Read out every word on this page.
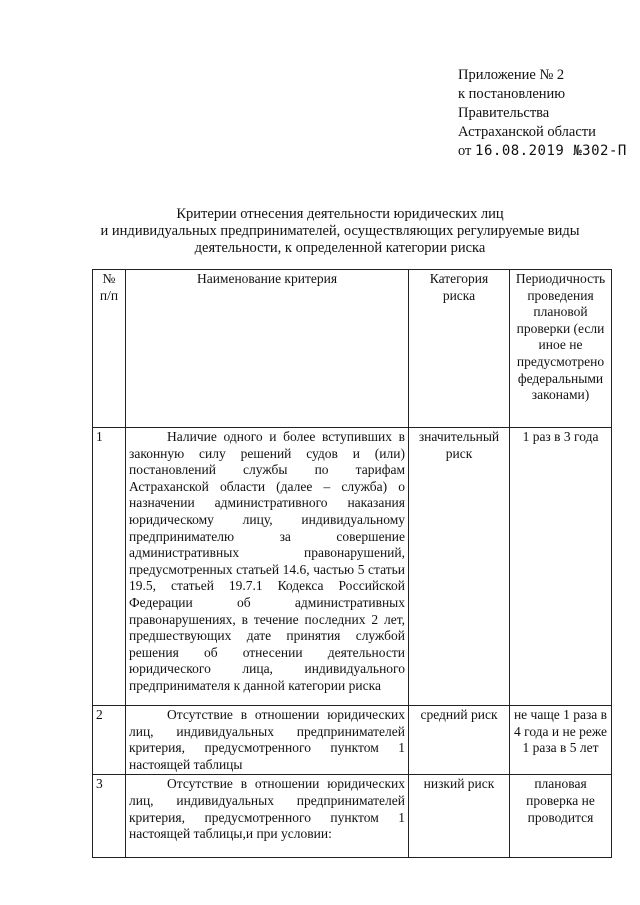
Приложение № 2
к постановлению
Правительства
Астраханской области
от 16.08.2019 №302-П
Критерии отнесения деятельности юридических лиц
и индивидуальных предпринимателей, осуществляющих регулируемые виды
деятельности, к определенной категории риска
№ п/п	Наименование критерия	Категория риска	Периодичность проведения плановой проверки (если иное не предусмотрено федеральными законами)
1	Наличие одного и более вступивших в законную силу решений судов и (или) постановлений службы по тарифам Астраханской области (далее – служба) о назначении административного наказания юридическому лицу, индивидуальному предпринимателю за совершение административных правонарушений, предусмотренных статьей 14.6, частью 5 статьи 19.5, статьей 19.7.1 Кодекса Российской Федерации об административных правонарушениях, в течение последних 2 лет, предшествующих дате принятия службой решения об отнесении деятельности юридического лица, индивидуального предпринимателя к данной категории риска	значительный риск	1 раз в 3 года
2	Отсутствие в отношении юридических лиц, индивидуальных предпринимателей критерия, предусмотренного пунктом 1 настоящей таблицы	средний риск	не чаще 1 раза в 4 года и не реже 1 раза в 5 лет
3	Отсутствие в отношении юридических лиц, индивидуальных предпринимателей критерия, предусмотренного пунктом 1 настоящей таблицы,и при условии:	низкий риск	плановая проверка не проводится
